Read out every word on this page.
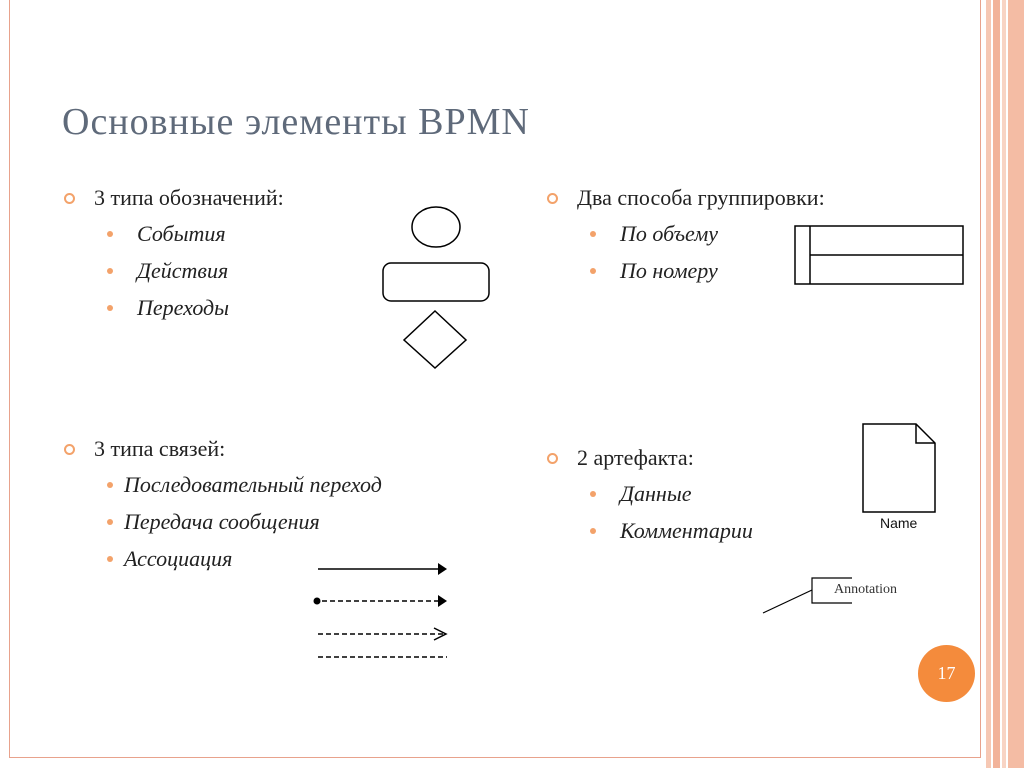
Основные элементы BPMN
3 типа обозначений:
События
Действия
Переходы
3 типа связей:
Последовательный переход
Передача сообщения
Ассоциация
Два способа группировки:
По объему
По номеру
2 артефакта:
Данные
Комментарии	Name
Annotation
17
